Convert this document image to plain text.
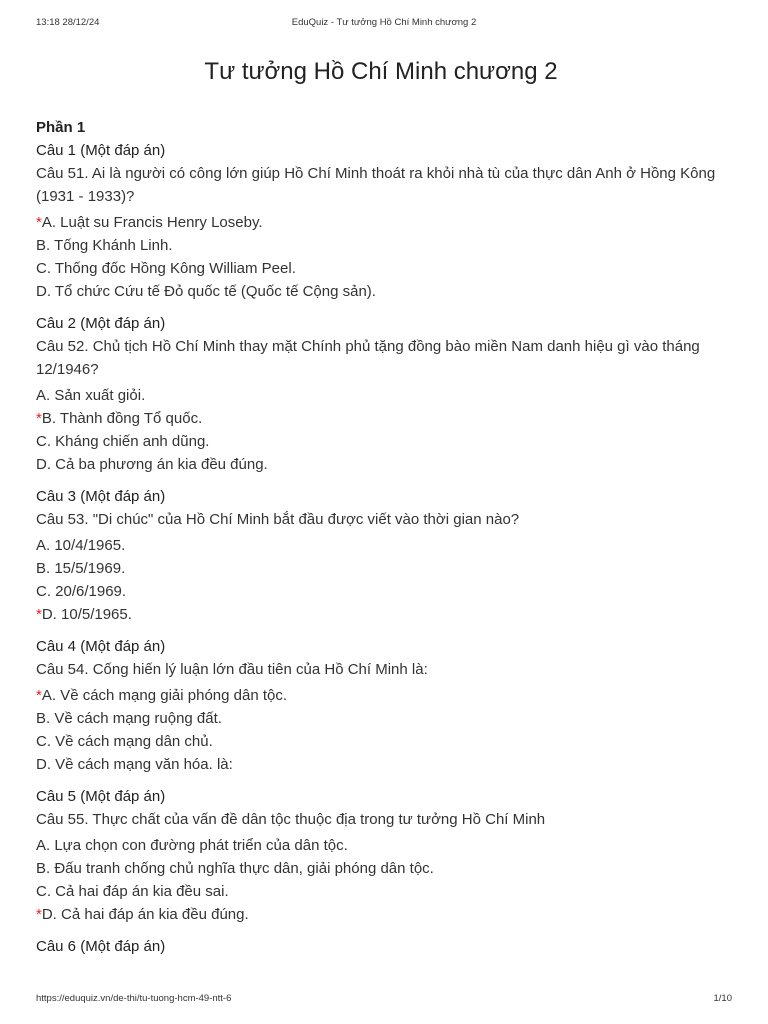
13:18 28/12/24	EduQuiz - Tư tưởng Hồ Chí Minh chương 2
Tư tưởng Hồ Chí Minh chương 2
Phần 1
Câu 1 (Một đáp án)
Câu 51. Ai là người có công lớn giúp Hồ Chí Minh thoát ra khỏi nhà tù của thực dân Anh ở Hồng Kông (1931 - 1933)?
*A. Luật su Francis Henry Loseby.
B. Tống Khánh Linh.
C. Thống đốc Hồng Kông William Peel.
D. Tổ chức Cứu tế Đỏ quốc tế (Quốc tế Cộng sản).
Câu 2 (Một đáp án)
Câu 52. Chủ tịch Hồ Chí Minh thay mặt Chính phủ tặng đồng bào miền Nam danh hiệu gì vào tháng 12/1946?
A. Sản xuất giỏi.
*B. Thành đồng Tổ quốc.
C. Kháng chiến anh dũng.
D. Cả ba phương án kia đều đúng.
Câu 3 (Một đáp án)
Câu 53. "Di chúc" của Hồ Chí Minh bắt đầu được viết vào thời gian nào?
A. 10/4/1965.
B. 15/5/1969.
C. 20/6/1969.
*D. 10/5/1965.
Câu 4 (Một đáp án)
Câu 54. Cống hiến lý luận lớn đầu tiên của Hồ Chí Minh là:
*A. Về cách mạng giải phóng dân tộc.
B. Về cách mạng ruộng đất.
C. Về cách mạng dân chủ.
D. Về cách mạng văn hóa. là:
Câu 5 (Một đáp án)
Câu 55. Thực chất của vấn đề dân tộc thuộc địa trong tư tưởng Hồ Chí Minh
A. Lựa chọn con đường phát triển của dân tộc.
B. Đấu tranh chống chủ nghĩa thực dân, giải phóng dân tộc.
C. Cả hai đáp án kia đều sai.
*D. Cả hai đáp án kia đều đúng.
Câu 6 (Một đáp án)
https://eduquiz.vn/de-thi/tu-tuong-hcm-49-ntt-6	1/10
